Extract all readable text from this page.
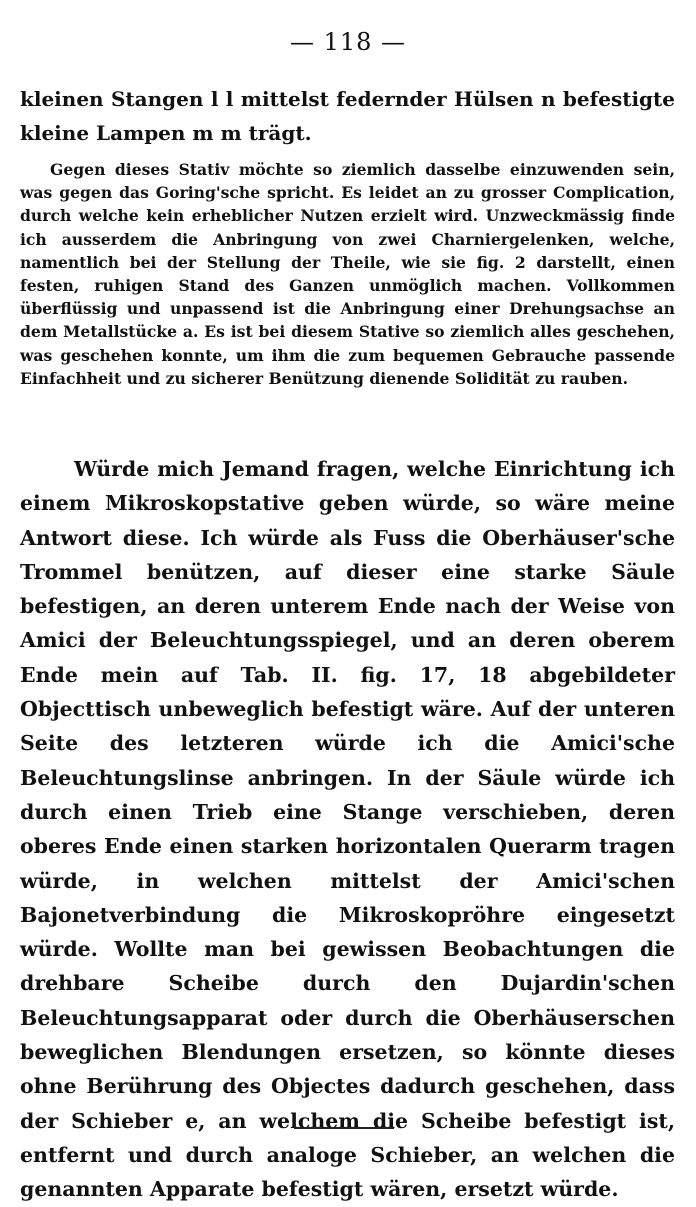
— 118 —

kleinen Stangen l l mittelst federnder Hülsen n befestigte kleine Lampen m m trägt.

Gegen dieses Stativ möchte so ziemlich dasselbe einzuwenden sein, was gegen das Goring'sche spricht. Es leidet an zu grosser Complication, durch welche kein erheblicher Nutzen erzielt wird. Unzweckmässig finde ich ausserdem die Anbringung von zwei Charniergelenken, welche, namentlich bei der Stellung der Theile, wie sie fig. 2 darstellt, einen festen, ruhigen Stand des Ganzen unmöglich machen. Vollkommen überflüssig und unpassend ist die Anbringung einer Drehungsachse an dem Metallstücke a. Es ist bei diesem Stative so ziemlich alles geschehen, was geschehen konnte, um ihm die zum bequemen Gebrauche passende Einfachheit und zu sicherer Benützung dienende Solidität zu rauben.

Würde mich Jemand fragen, welche Einrichtung ich einem Mikroskopstative geben würde, so wäre meine Antwort diese. Ich würde als Fuss die Oberhäuser'sche Trommel benützen, auf dieser eine starke Säule befestigen, an deren unterem Ende nach der Weise von Amici der Beleuchtungsspiegel, und an deren oberem Ende mein auf Tab. II. fig. 17, 18 abgebildeter Objecttisch unbeweglich befestigt wäre. Auf der unteren Seite des letzteren würde ich die Amici'sche Beleuchtungslinse anbringen. In der Säule würde ich durch einen Trieb eine Stange verschieben, deren oberes Ende einen starken horizontalen Querarm tragen würde, in welchen mittelst der Amici'schen Bajonetverbindung die Mikroskopröhre eingesetzt würde. Wollte man bei gewissen Beobachtungen die drehbare Scheibe durch den Dujardin'schen Beleuchtungsapparat oder durch die Oberhäuserschen beweglichen Blendungen ersetzen, so könnte dieses ohne Berührung des Objectes dadurch geschehen, dass der Schieber e, an welchem die Scheibe befestigt ist, entfernt und durch analoge Schieber, an welchen die genannten Apparate befestigt wären, ersetzt würde.
